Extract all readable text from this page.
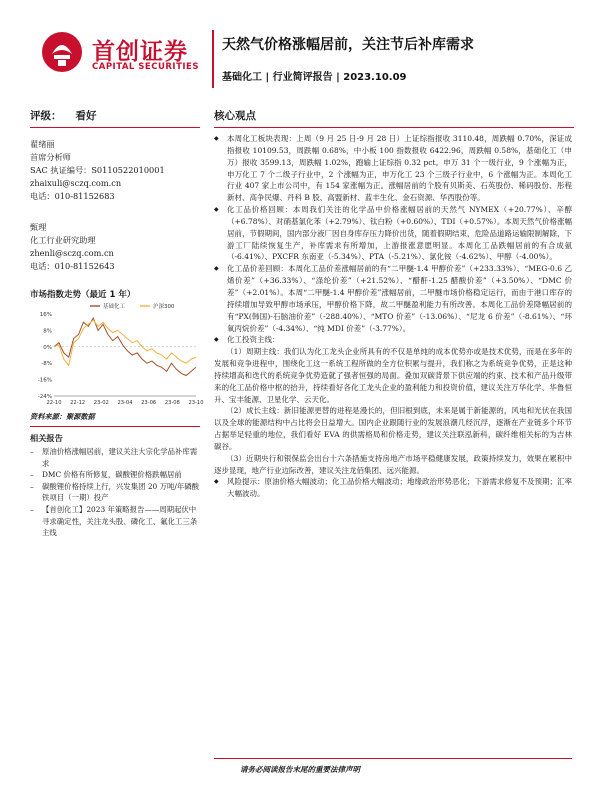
首创证券
CAPITAL SECURITIES
天然气价格涨幅居前，关注节后补库需求
基础化工 | 行业简评报告 | 2023.10.09
评级： 看好
翟绪丽
首席分析师
SAC 执证编号：S0110522010001
zhaixuli@sczq.com.cn
电话：010-81152683
甄理
化工行业研究助理
zhenli@sczq.com.cn
电话：010-81152643
市场指数走势（最近 1 年）
16%
8%
0%
-8%
-16%
-24%
22-10 22-12 23-02 23-04 23-06 23-08 23-10
基础化工	沪深300
资料来源：聚源数据
相关报告
– 原油价格涨幅居前，建议关注大宗化学品补库需求
– DMC 价格有所修复，碳酸锂价格跌幅居前
– 碳酸锂价格持续上行，兴发集团 20 万吨/年磷酸铁项目（一期）投产
– 【首创化工】2023 年策略报告——周期起伏中寻求确定性，关注龙头股、磷化工、氟化工三条主线
核心观点

◆ 本周化工板块表现：上周（9 月 25 日-9 月 28 日）上证综指报收 3110.48，周跌幅 0.70%，深证成指报收 10109.53，周跌幅 0.68%，中小板 100 指数报收 6422.96，周跌幅 0.58%，基础化工（申万）报收 3599.13，周跌幅 1.02%，跑输上证综指 0.32 pct。申万 31 个一级行业，9 个涨幅为正，申万化工 7 个二级子行业中，2 个涨幅为正，申万化工 23 个三级子行业中，6 个涨幅为正。本周化工行业 407 家上市公司中，有 154 家涨幅为正。涨幅居前的个股有贝斯美、石英股份、稀码股份、彤程新材、高争民爆、丹科 B 股、高盟新材、蓝丰生化、金石资源、华西股份等。

◆ 化工品价格回顾：本周我们关注的化学品中价格涨幅居前的天然气 NYMEX（+20.77%）、辛醇（+6.78%）、对硝基氯化苯（+2.79%）、钛白粉（+0.60%）、TDI（+0.57%）。本周天然气价格涨幅居前，节假期间，国内部分液厂因自身库存压力降价出货，随着假期结束，危险品道路运输限制解除，下游工厂陆续恢复生产，补库需求有所增加，上游报涨意愿明显。本周化工品跌幅居前的有合成氨（-6.41%）、PXCFR 东南亚（-5.34%）、PTA（-5.21%）、氯化铵（-4.62%）、甲醇（-4.00%）。

◆ 化工品价差回顾：本周化工品价差涨幅居前的有“二甲醚-1.4 甲醇价差”（+233.33%）、“MEG-0.6 乙烯价差”（+36.33%）、“涤纶价差”（+21.52%）、“醋酐-1.25 醋酸价差”（+3.50%）、“DMC 价差”（+2.01%）。本周“二甲醚-1.4 甲醇价差”涨幅居前，二甲醚市场价格稳定运行，而由于港口库存的持续增加导致甲醇市场承压，甲醇价格下降，故二甲醚盈利能力有所改善。本周化工品价差降幅居前的有“PX(韩国)-石脑油价差”（-288.40%）、“MTO 价差”（-13.06%）、“尼龙 6 价差”（-8.61%）、“环氧丙烷价差”（-4.34%）、“纯 MDI 价差”（-3.77%）。

◆ 化工投资主线：

（1）周期主线：我们认为化工龙头企业所具有的不仅是单纯的成本优势亦或是技术优势，而是在多年的发展和竞争进程中，围绕化工这一系统工程所做的全方位积累与提升，我们称之为系统竞争优势，正是这种持续增高和迭代的系统竞争优势造就了强者恒强的局面。叠加双碳背景下供应端的约束、技术和产品升级带来的化工品价格中枢的抬升，持续看好各化工龙头企业的盈利能力和投资价值，建议关注万华化学、华鲁恒升、宝丰能源、卫星化学、云天化。

（2）成长主线：新旧能源更替的进程是漫长的，但旧根到底，未来是属于新能源的，风电和光伏在我国以及全球的能源结构中占比将会日益增大。国内企业跟随行业的发展浪潮几经沉浮，逐渐在产业链多个环节占据举足轻重的地位，我们看好 EVA 的供需格局和价格走势，建议关注联泓新科，碳纤维相关标的为吉林碳谷。

（3）近期央行和银保监会出台十六条措施支持房地产市场平稳健康发展，政策持续发力，效果在累积中逐步显现，地产行业边际改善，建议关注龙佰集团、远兴能源。

◆ 风险提示：原油价格大幅波动；化工品价格大幅波动；地缘政治形势恶化；下游需求修复不及预期；汇率大幅波动。

请务必阅读报告末尾的重要法律声明
